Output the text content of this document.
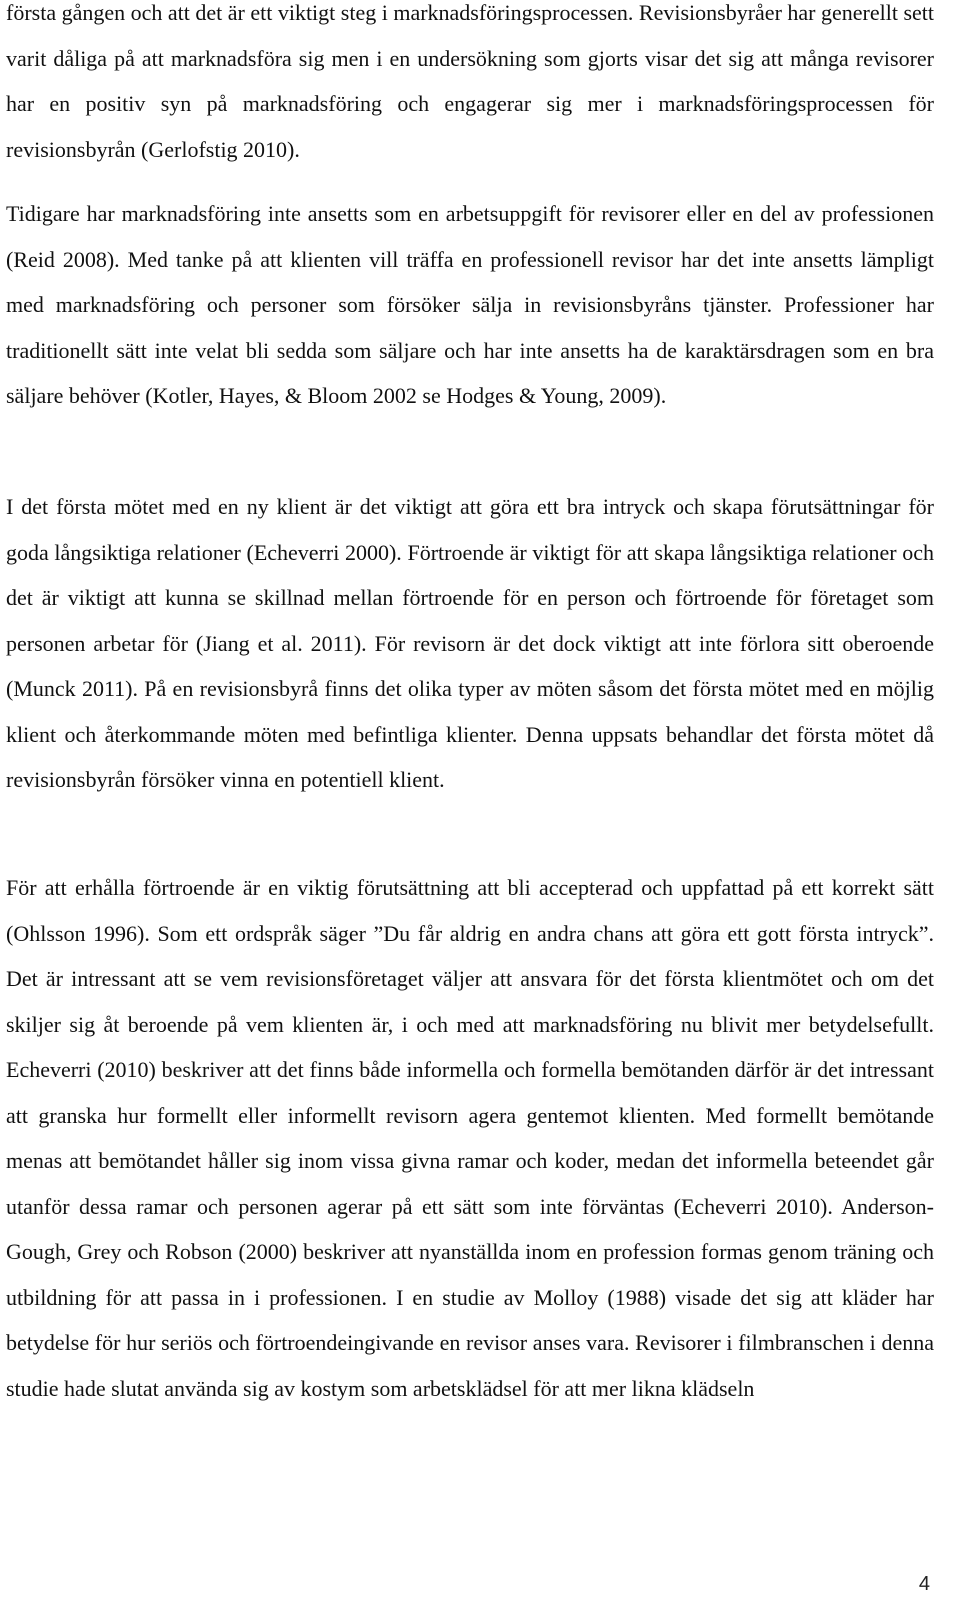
första gången och att det är ett viktigt steg i marknadsföringsprocessen. Revisionsbyråer har generellt sett varit dåliga på att marknadsföra sig men i en undersökning som gjorts visar det sig att många revisorer har en positiv syn på marknadsföring och engagerar sig mer i marknadsföringsprocessen för revisionsbyrån (Gerlofstig 2010).

Tidigare har marknadsföring inte ansetts som en arbetsuppgift för revisorer eller en del av professionen (Reid 2008). Med tanke på att klienten vill träffa en professionell revisor har det inte ansetts lämpligt med marknadsföring och personer som försöker sälja in revisionsbyråns tjänster. Professioner har traditionellt sätt inte velat bli sedda som säljare och har inte ansetts ha de karaktärsdragen som en bra säljare behöver (Kotler, Hayes, & Bloom 2002 se Hodges & Young, 2009).

I det första mötet med en ny klient är det viktigt att göra ett bra intryck och skapa förutsättningar för goda långsiktiga relationer (Echeverri 2000). Förtroende är viktigt för att skapa långsiktiga relationer och det är viktigt att kunna se skillnad mellan förtroende för en person och förtroende för företaget som personen arbetar för (Jiang et al. 2011). För revisorn är det dock viktigt att inte förlora sitt oberoende (Munck 2011). På en revisionsbyrå finns det olika typer av möten såsom det första mötet med en möjlig klient och återkommande möten med befintliga klienter. Denna uppsats behandlar det första mötet då revisionsbyrån försöker vinna en potentiell klient.

För att erhålla förtroende är en viktig förutsättning att bli accepterad och uppfattad på ett korrekt sätt (Ohlsson 1996). Som ett ordspråk säger ”Du får aldrig en andra chans att göra ett gott första intryck”. Det är intressant att se vem revisionsföretaget väljer att ansvara för det första klientmötet och om det skiljer sig åt beroende på vem klienten är, i och med att marknadsföring nu blivit mer betydelsefullt. Echeverri (2010) beskriver att det finns både informella och formella bemötanden därför är det intressant att granska hur formellt eller informellt revisorn agera gentemot klienten. Med formellt bemötande menas att bemötandet håller sig inom vissa givna ramar och koder, medan det informella beteendet går utanför dessa ramar och personen agerar på ett sätt som inte förväntas (Echeverri 2010). Anderson-Gough, Grey och Robson (2000) beskriver att nyanställda inom en profession formas genom träning och utbildning för att passa in i professionen. I en studie av Molloy (1988) visade det sig att kläder har betydelse för hur seriös och förtroendeingivande en revisor anses vara. Revisorer i filmbranschen i denna studie hade slutat använda sig av kostym som arbetsklädsel för att mer likna klädseln

4
